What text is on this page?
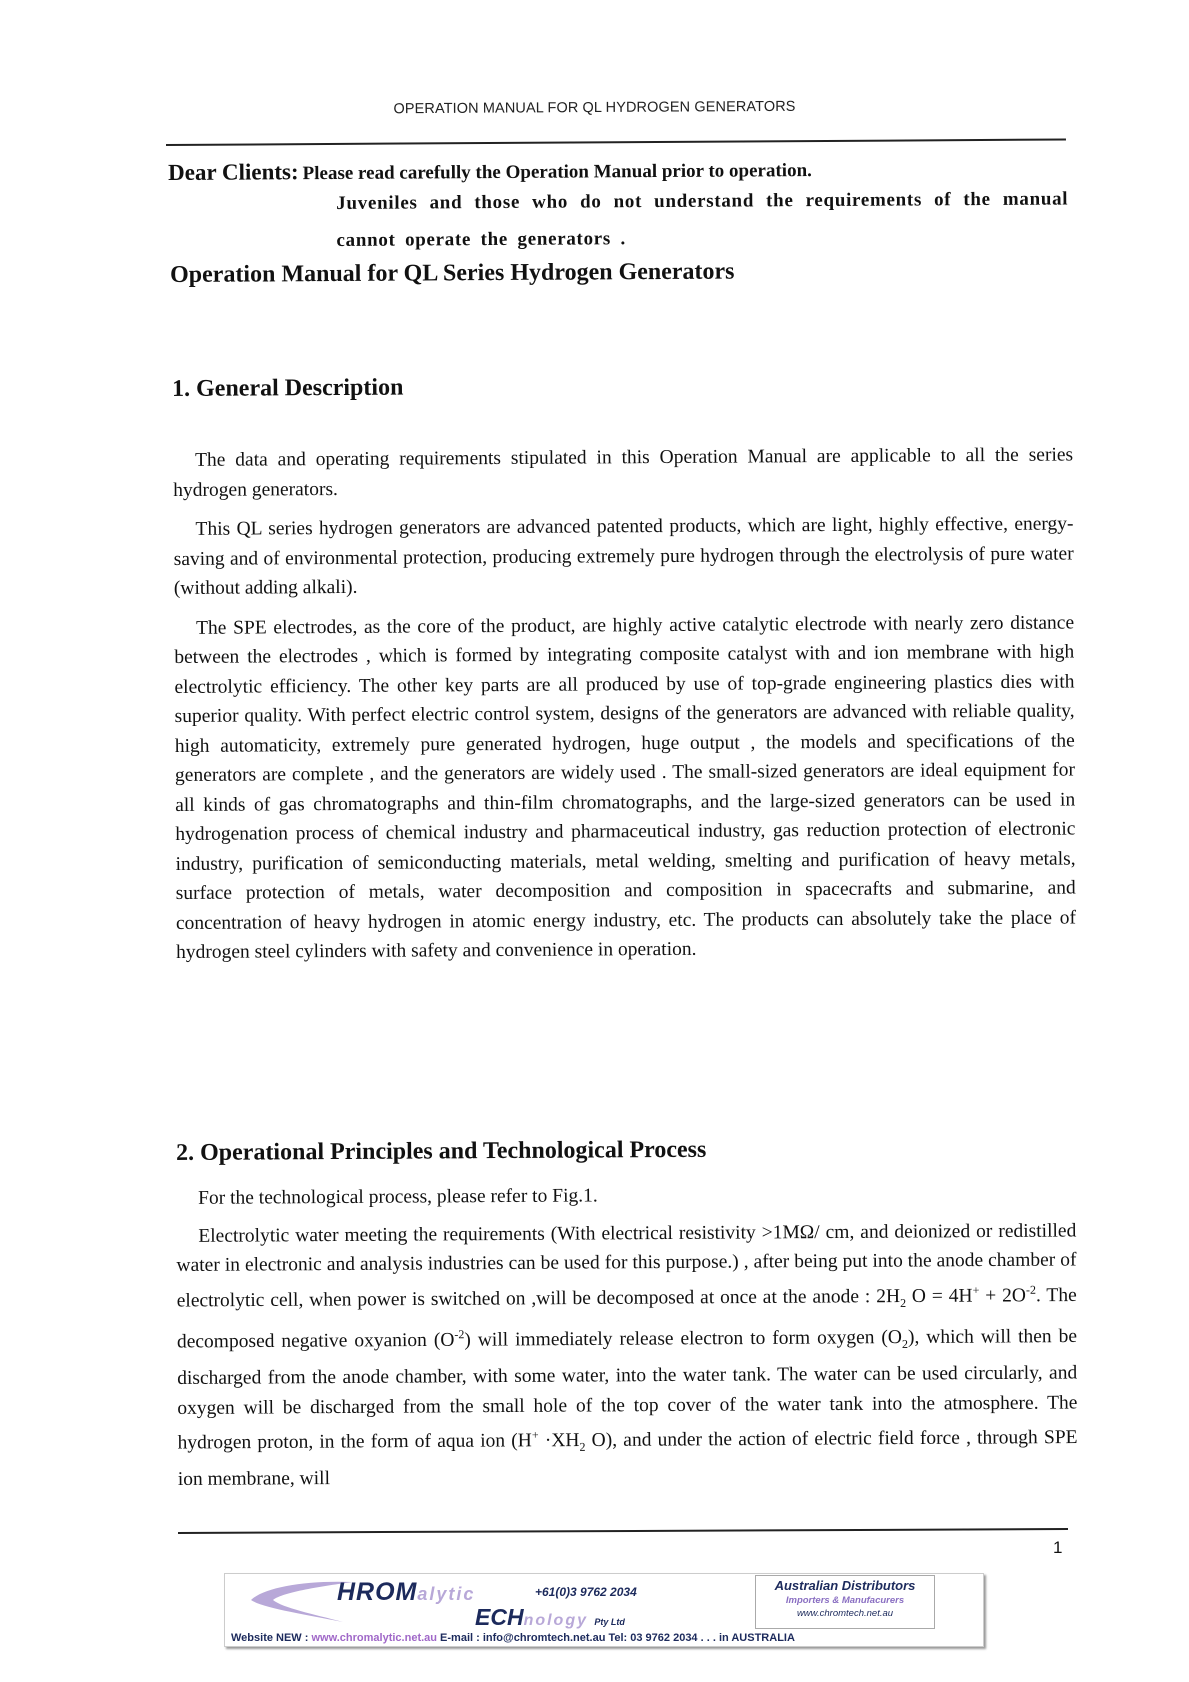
OPERATION MANUAL FOR QL HYDROGEN GENERATORS
Dear Clients: Please read carefully the Operation Manual prior to operation.
Juveniles and those who do not understand the requirements of the manual cannot operate the generators .
Operation Manual for QL Series Hydrogen Generators
1. General Description

The data and operating requirements stipulated in this Operation Manual are applicable to all the series hydrogen generators.

This QL series hydrogen generators are advanced patented products, which are light, highly effective, energy-saving and of environmental protection, producing extremely pure hydrogen through the electrolysis of pure water (without adding alkali).

The SPE electrodes, as the core of the product, are highly active catalytic electrode with nearly zero distance between the electrodes , which is formed by integrating composite catalyst with and ion membrane with high electrolytic efficiency. The other key parts are all produced by use of top-grade engineering plastics dies with superior quality. With perfect electric control system, designs of the generators are advanced with reliable quality, high automaticity, extremely pure generated hydrogen, huge output , the models and specifications of the generators are complete , and the generators are widely used . The small-sized generators are ideal equipment for all kinds of gas chromatographs and thin-film chromatographs, and the large-sized generators can be used in hydrogenation process of chemical industry and pharmaceutical industry, gas reduction protection of electronic industry, purification of semiconducting materials, metal welding, smelting and purification of heavy metals, surface protection of metals, water decomposition and composition in spacecrafts and submarine, and concentration of heavy hydrogen in atomic energy industry, etc. The products can absolutely take the place of hydrogen steel cylinders with safety and convenience in operation.

2. Operational Principles and Technological Process

For the technological process, please refer to Fig.1.

Electrolytic water meeting the requirements (With electrical resistivity >1MΩ/ cm, and deionized or redistilled water in electronic and analysis industries can be used for this purpose.) , after being put into the anode chamber of electrolytic cell, when power is switched on ,will be decomposed at once at the anode : $2H_2$ $O = 4H^+ + 2O^{-2}$. The decomposed negative oxyanion $(O^{-2})$ will immediately release electron to form oxygen $(O_2)$, which will then be discharged from the anode chamber, with some water, into the water tank. The water can be used circularly, and oxygen will be discharged from the small hole of the top cover of the water tank into the atmosphere. The hydrogen proton, in the form of aqua ion ($H^+ \cdot XH_2$ O), and under the action of electric field force , through SPE ion membrane, will

1
HROMalytic	+61(0)3 9762 2034
ECHnology Pty Ltd
Australian Distributors
Importers & Manufacurers
www.chromtech.net.au
Website NEW : www.chromalytic.net.au E-mail : info@chromtech.net.au Tel: 03 9762 2034 . . . in AUSTRALIA
